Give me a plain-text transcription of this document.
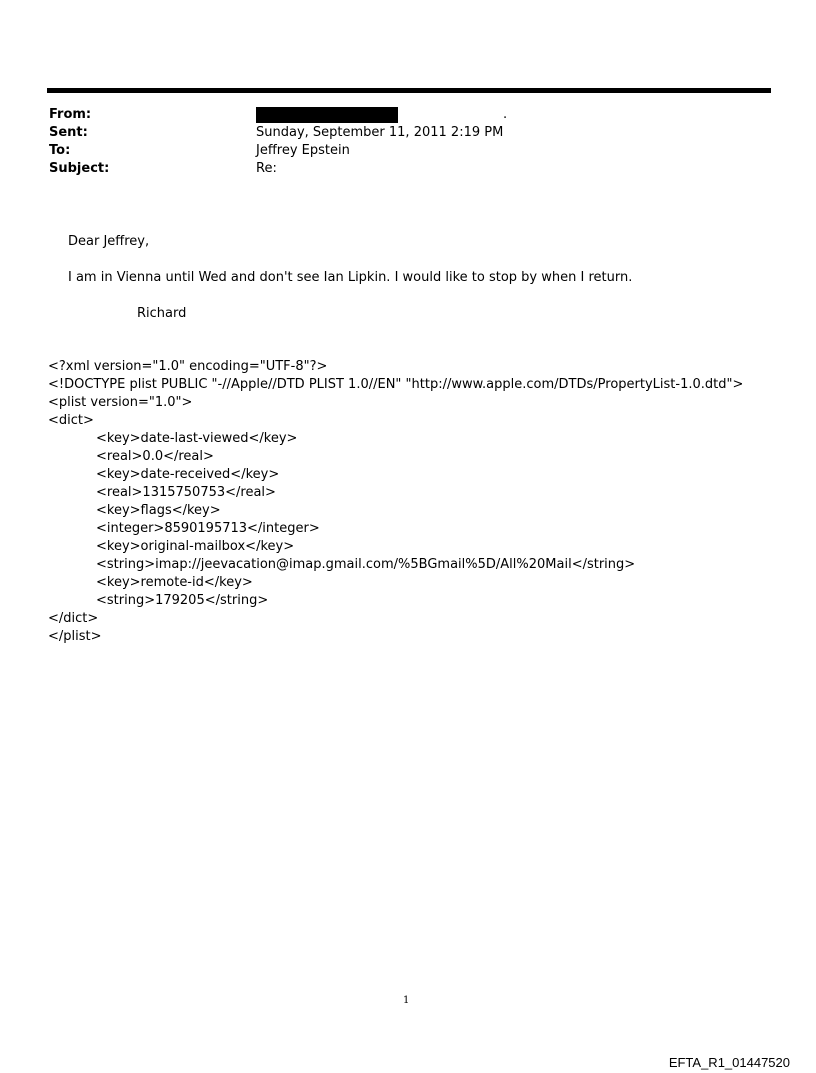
From:	.
Sent:	Sunday, September 11, 2011 2:19 PM
To:	Jeffrey Epstein
Subject:	Re:
Dear Jeffrey,
I am in Vienna until Wed and don't see Ian Lipkin. I would like to stop by when I return.
Richard
<?xml version="1.0" encoding="UTF-8"?>
<!DOCTYPE plist PUBLIC "-//Apple//DTD PLIST 1.0//EN" "http://www.apple.com/DTDs/PropertyList-1.0.dtd">
<plist version="1.0">
<dict>
<key>date-last-viewed</key>
<real>0.0</real>
<key>date-received</key>
<real>1315750753</real>
<key>flags</key>
<integer>8590195713</integer>
<key>original-mailbox</key>
<string>imap://jeevacation@imap.gmail.com/%5BGmail%5D/All%20Mail</string>
<key>remote-id</key>
<string>179205</string>
</dict>
</plist>
1
EFTA_R1_01447520
